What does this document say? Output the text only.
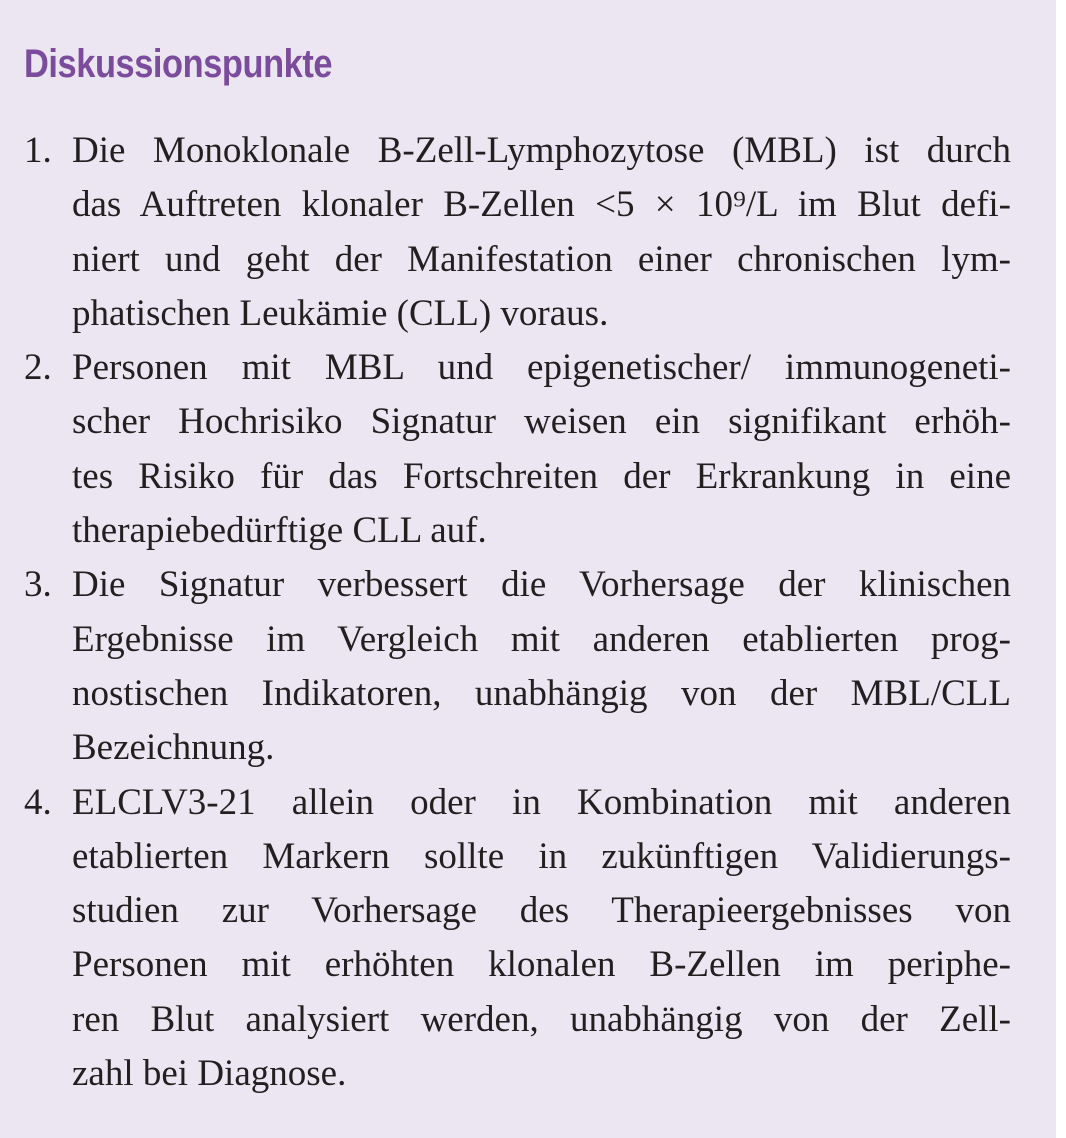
Diskussionspunkte
1. Die Monoklonale B-Zell-Lymphozytose (MBL) ist durch
das Auftreten klonaler B-Zellen <5 × 10⁹/L im Blut defi-
niert und geht der Manifestation einer chronischen lym-
phatischen Leukämie (CLL) voraus.
2. Personen mit MBL und epigenetischer/ immunogeneti-
scher Hochrisiko Signatur weisen ein signifikant erhöh-
tes Risiko für das Fortschreiten der Erkrankung in eine
therapiebedürftige CLL auf.
3. Die Signatur verbessert die Vorhersage der klinischen
Ergebnisse im Vergleich mit anderen etablierten prog-
nostischen Indikatoren, unabhängig von der MBL/CLL
Bezeichnung.
4. ELCLV3-21 allein oder in Kombination mit anderen
etablierten Markern sollte in zukünftigen Validierungs-
studien zur Vorhersage des Therapieergebnisses von
Personen mit erhöhten klonalen B-Zellen im periphe-
ren Blut analysiert werden, unabhängig von der Zell-
zahl bei Diagnose.
